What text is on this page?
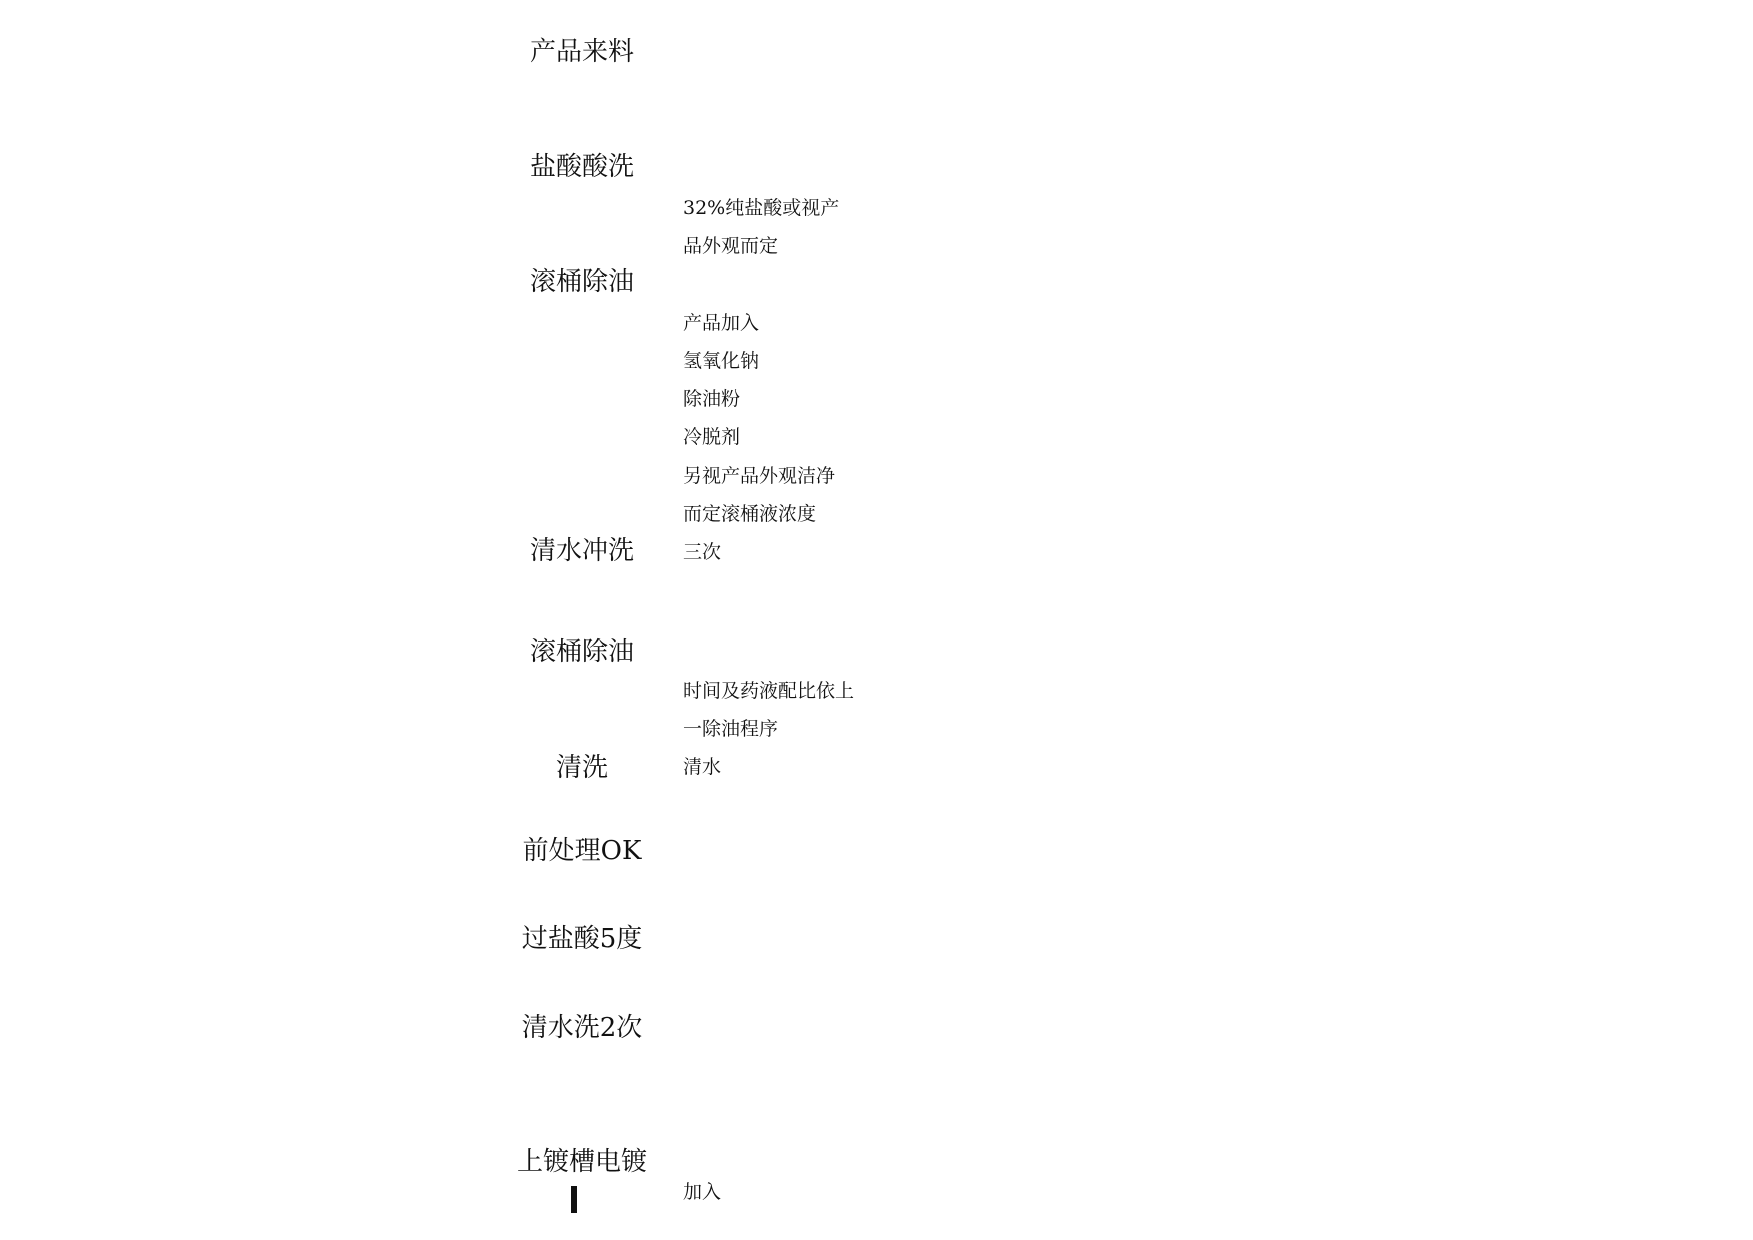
产品来料
盐酸酸洗
滚桶除油
清水冲洗
滚桶除油
清洗
前处理OK
过盐酸5度
清水洗2次
上镀槽电镀
32%纯盐酸或视产
品外观而定
产品加入
氢氧化钠
除油粉
冷脱剂
另视产品外观洁净
而定滚桶液浓度
三次
时间及药液配比依上
一除油程序
清水
加入
